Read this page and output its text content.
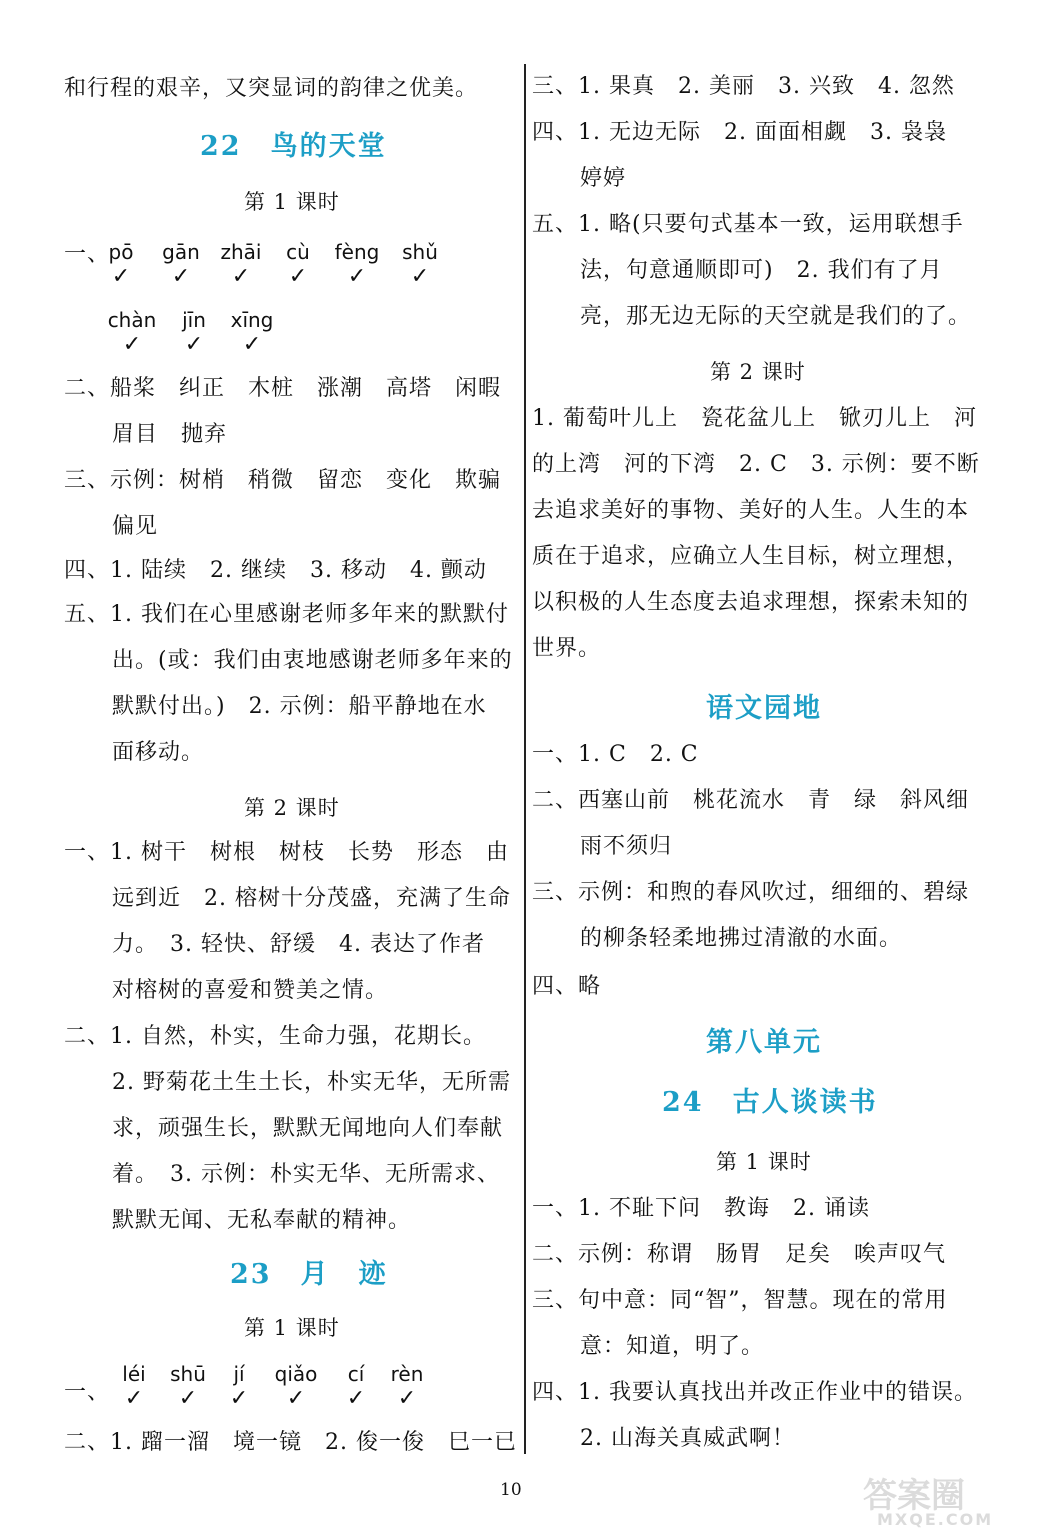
和行程的艰辛，又突显词的韵律之优美。
22　鸟的天堂
第 1 课时
一、
pō
✓
gān
✓
zhāi
✓
cù
✓
fèng
✓
shǔ
✓
chàn
✓
jīn
✓
xīng
✓
二、船桨　纠正　木桩　涨潮　高塔　闲暇
眉目　抛弃
三、示例：树梢　稍微　留恋　变化　欺骗
偏见
四、1. 陆续　2. 继续　3. 移动　4. 颤动
五、1. 我们在心里感谢老师多年来的默默付
出。(或：我们由衷地感谢老师多年来的
默默付出。)　2. 示例：船平静地在水
面移动。
第 2 课时
一、1. 树干　树根　树枝　长势　形态　由
远到近　2. 榕树十分茂盛，充满了生命
力。　3. 轻快、舒缓　4. 表达了作者
对榕树的喜爱和赞美之情。
二、1. 自然，朴实，生命力强，花期长。
2. 野菊花土生土长，朴实无华，无所需
求，顽强生长，默默无闻地向人们奉献
着。　3. 示例：朴实无华、无所需求、
默默无闻、无私奉献的精神。
23　月　迹
第 1 课时
一、
léi
✓
shū
✓
jí
✓
qiǎo
✓
cí
✓
rèn
✓
二、1. 蹓一溜　境一镜　2. 俊一俊　巳一已
三、1. 果真　2. 美丽　3. 兴致　4. 忽然
四、1. 无边无际　2. 面面相觑　3. 袅袅
婷婷
五、1. 略(只要句式基本一致，运用联想手
法，句意通顺即可)　2. 我们有了月
亮，那无边无际的天空就是我们的了。
第 2 课时
1. 葡萄叶儿上　瓷花盆儿上　锨刃儿上　河
的上湾　河的下湾　2. C　3. 示例：要不断
去追求美好的事物、美好的人生。人生的本
质在于追求，应确立人生目标，树立理想，
以积极的人生态度去追求理想，探索未知的
世界。
语文园地
一、1. C　2. C
二、西塞山前　桃花流水　青　绿　斜风细
雨不须归
三、示例：和煦的春风吹过，细细的、碧绿
的柳条轻柔地拂过清澈的水面。
四、略
第八单元
24　古人谈读书
第 1 课时
一、1. 不耻下问　教诲　2. 诵读
二、示例：称谓　肠胃　足矣　唉声叹气
三、句中意：同“智”，智慧。现在的常用
意：知道，明了。
四、1. 我要认真找出并改正作业中的错误。
2. 山海关真威武啊！
10	答案圈
MXQE.COM
